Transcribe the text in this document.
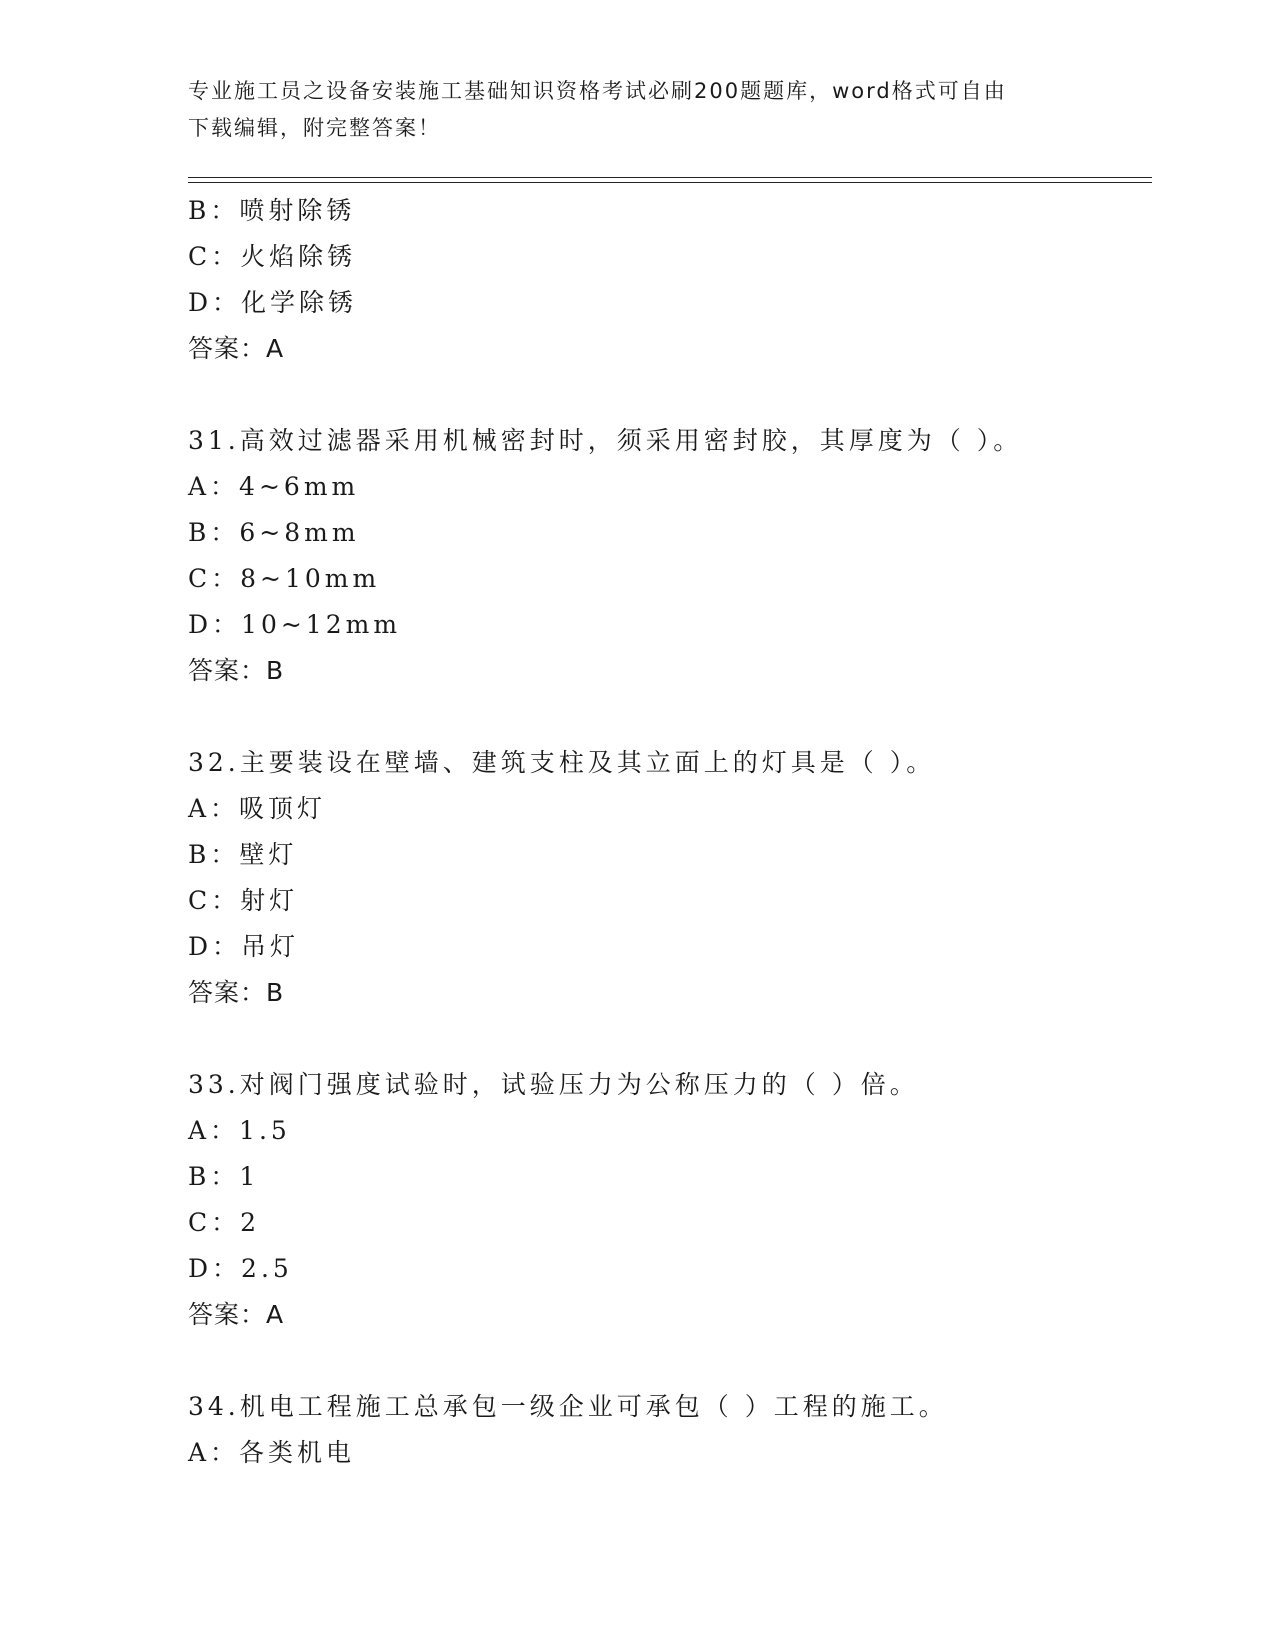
专业施工员之设备安装施工基础知识资格考试必刷200题题库，word格式可自由
下载编辑，附完整答案！
B：喷射除锈
C：火焰除锈
D：化学除锈
答案：A
31.高效过滤器采用机械密封时，须采用密封胶，其厚度为（ ）。
A：4~6mm
B：6~8mm
C：8~10mm
D：10~12mm
答案：B
32.主要装设在壁墙、建筑支柱及其立面上的灯具是（ ）。
A：吸顶灯
B：壁灯
C：射灯
D：吊灯
答案：B
33.对阀门强度试验时，试验压力为公称压力的（ ）倍。
A：1.5
B：1
C：2
D：2.5
答案：A
34.机电工程施工总承包一级企业可承包（ ）工程的施工。
A：各类机电
